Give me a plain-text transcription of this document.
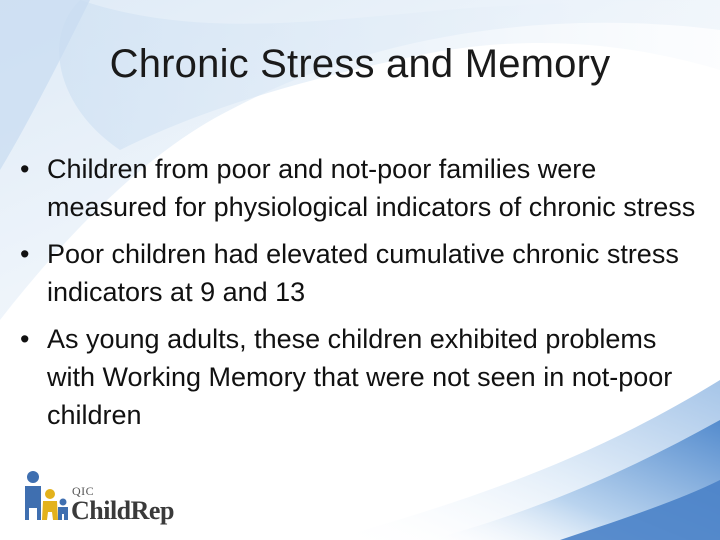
Chronic Stress and Memory
• Children from poor and not-poor families were measured for physiological indicators of chronic stress
• Poor children had elevated cumulative chronic stress indicators at 9 and 13
• As young adults, these children exhibited problems with Working Memory that were not seen in not-poor children
QIC
ChildRep
